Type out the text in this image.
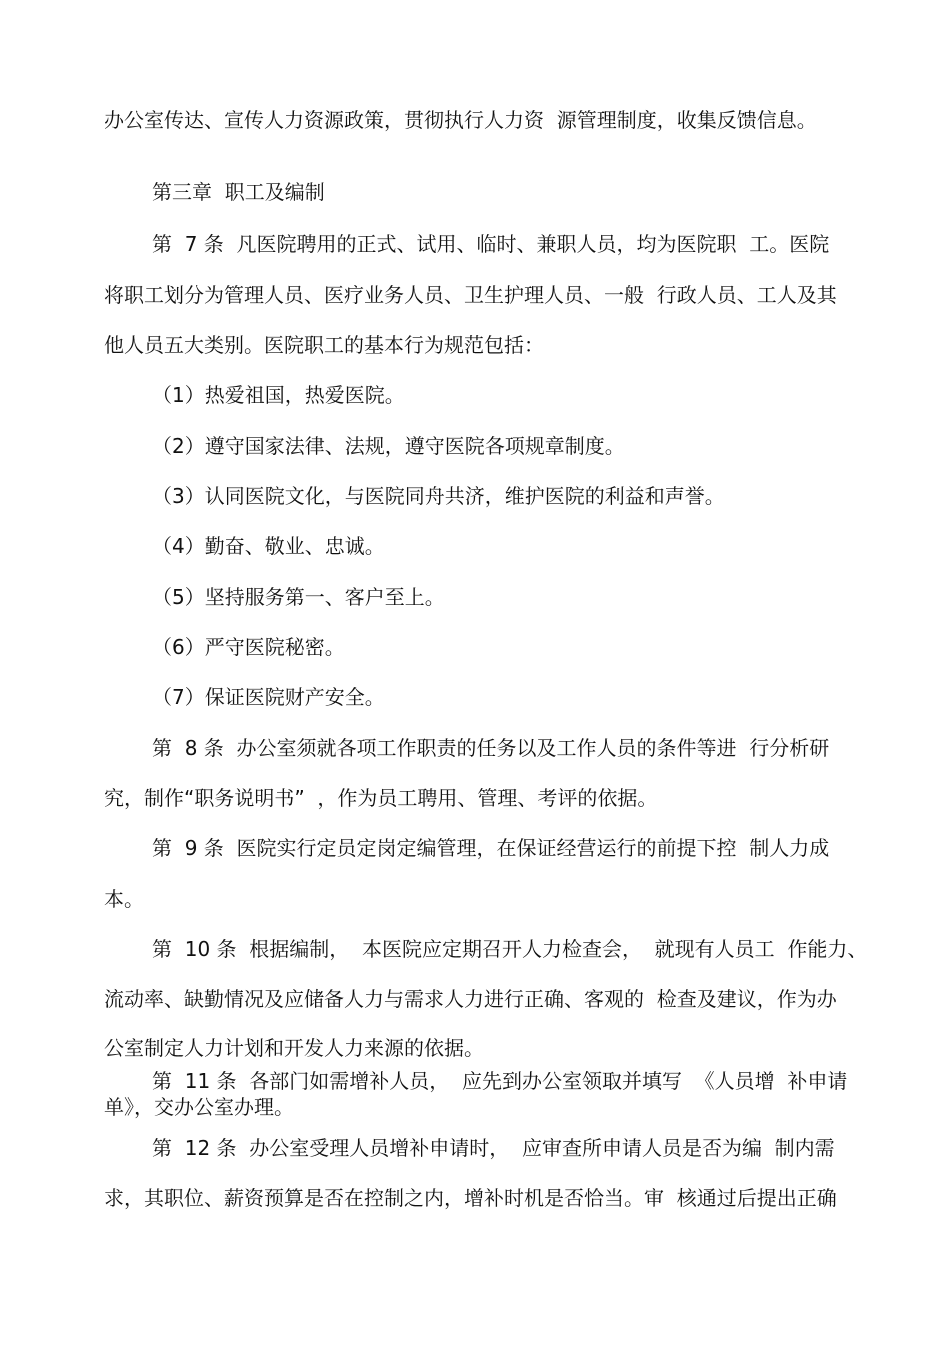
办公室传达、宣传人力资源政策，贯彻执行人力资  源管理制度，收集反馈信息。
第三章  职工及编制
第  7 条  凡医院聘用的正式、试用、临时、兼职人员，均为医院职  工。医院
将职工划分为管理人员、医疗业务人员、卫生护理人员、一般  行政人员、工人及其
他人员五大类别。医院职工的基本行为规范包括：
（1）热爱祖国，热爱医院。
（2）遵守国家法律、法规，遵守医院各项规章制度。
（3）认同医院文化，与医院同舟共济，维护医院的利益和声誉。
（4）勤奋、敬业、忠诚。
（5）坚持服务第一、客户至上。
（6）严守医院秘密。
（7）保证医院财产安全。
第  8 条  办公室须就各项工作职责的任务以及工作人员的条件等进  行分析研
究，制作“职务说明书”  ，作为员工聘用、管理、考评的依据。
第  9 条  医院实行定员定岗定编管理，在保证经营运行的前提下控  制人力成
本。
第  10 条  根据编制，  本医院应定期召开人力检查会，  就现有人员工  作能力、
流动率、缺勤情况及应储备人力与需求人力进行正确、客观的  检查及建议，作为办
公室制定人力计划和开发人力来源的依据。
第  11 条  各部门如需增补人员，  应先到办公室领取并填写  《人员增  补申请
单》，交办公室办理。
第  12 条  办公室受理人员增补申请时，  应审查所申请人员是否为编  制内需
求，其职位、薪资预算是否在控制之内，增补时机是否恰当。审  核通过后提出正确
